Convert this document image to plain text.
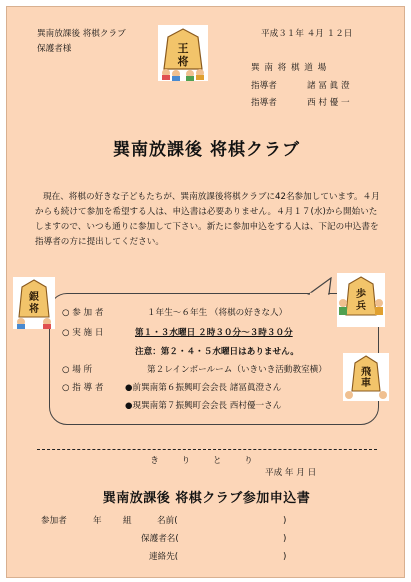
巽南放課後 将棋クラブ
保護者様
平成３１年 ４月 １２日
巽 南 将 棋 道 場
指導者	諸 冨 眞 澄
指導者	西 村 優 一
王
将
巽南放課後 将棋クラブ
現在、将棋の好きな子どもたちが、巽南放課後将棋クラブに42名参加しています。４月からも続けて参加を希望する人は、申込書は必要ありません。４月１７(水)から開始いたしますので、いつも通りに参加して下さい。新たに参加申込をする人は、下記の申込書を指導者の方に提出してください。
○ 参 加 者	１年生～６年生 （将棋の好きな人）
○ 実 施 日	第１・３水曜日 ２時３０分～３時３０分
注意：第２・４・５水曜日はありません。
○ 場 所	第２レインボールーム（いきいき活動教室横）
○ 指 導 者	●前巽南第６振興町会会長 諸冨眞澄さん
●現巽南第７振興町会会長 西村優一さん
銀
将
歩
兵
飛
車
き り と り
平成 年 月 日
巽南放課後 将棋クラブ参加申込書
参加者	年 組	名前(	)
保護者名(	)
連絡先(	)
